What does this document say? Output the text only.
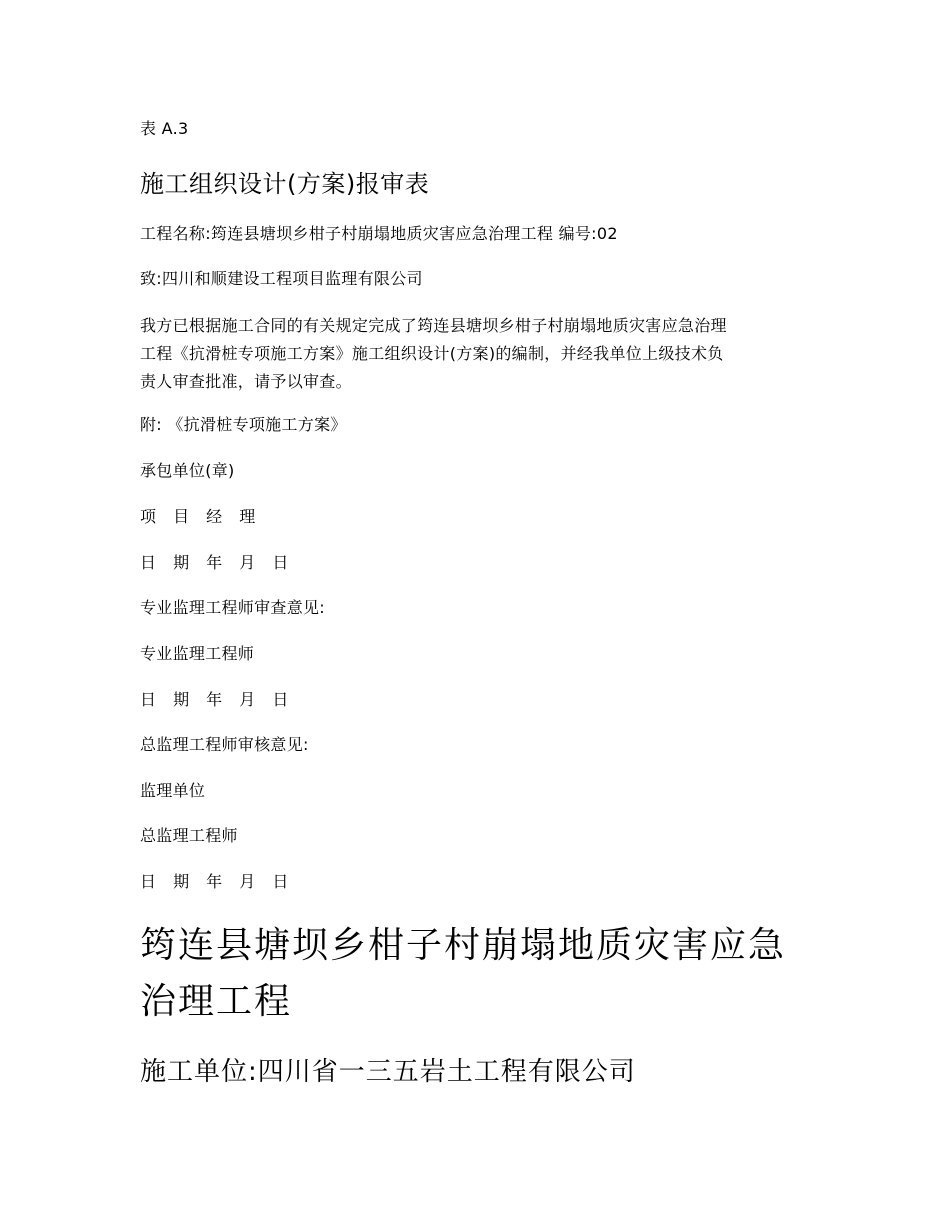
表 A.3
施工组织设计(方案)报审表
工程名称:筠连县塘坝乡柑子村崩塌地质灾害应急治理工程 编号:02
致:四川和顺建设工程项目监理有限公司
我方已根据施工合同的有关规定完成了筠连县塘坝乡柑子村崩塌地质灾害应急治理
工程《抗滑桩专项施工方案》施工组织设计(方案)的编制，并经我单位上级技术负
责人审查批准，请予以审查。
附: 《抗滑桩专项施工方案》
承包单位(章)
项 目 经 理
日 期 年 月 日
专业监理工程师审查意见:
专业监理工程师
日 期 年 月 日
总监理工程师审核意见:
监理单位
总监理工程师
日 期 年 月 日
筠连县塘坝乡柑子村崩塌地质灾害应急
治理工程
施工单位:四川省一三五岩土工程有限公司
